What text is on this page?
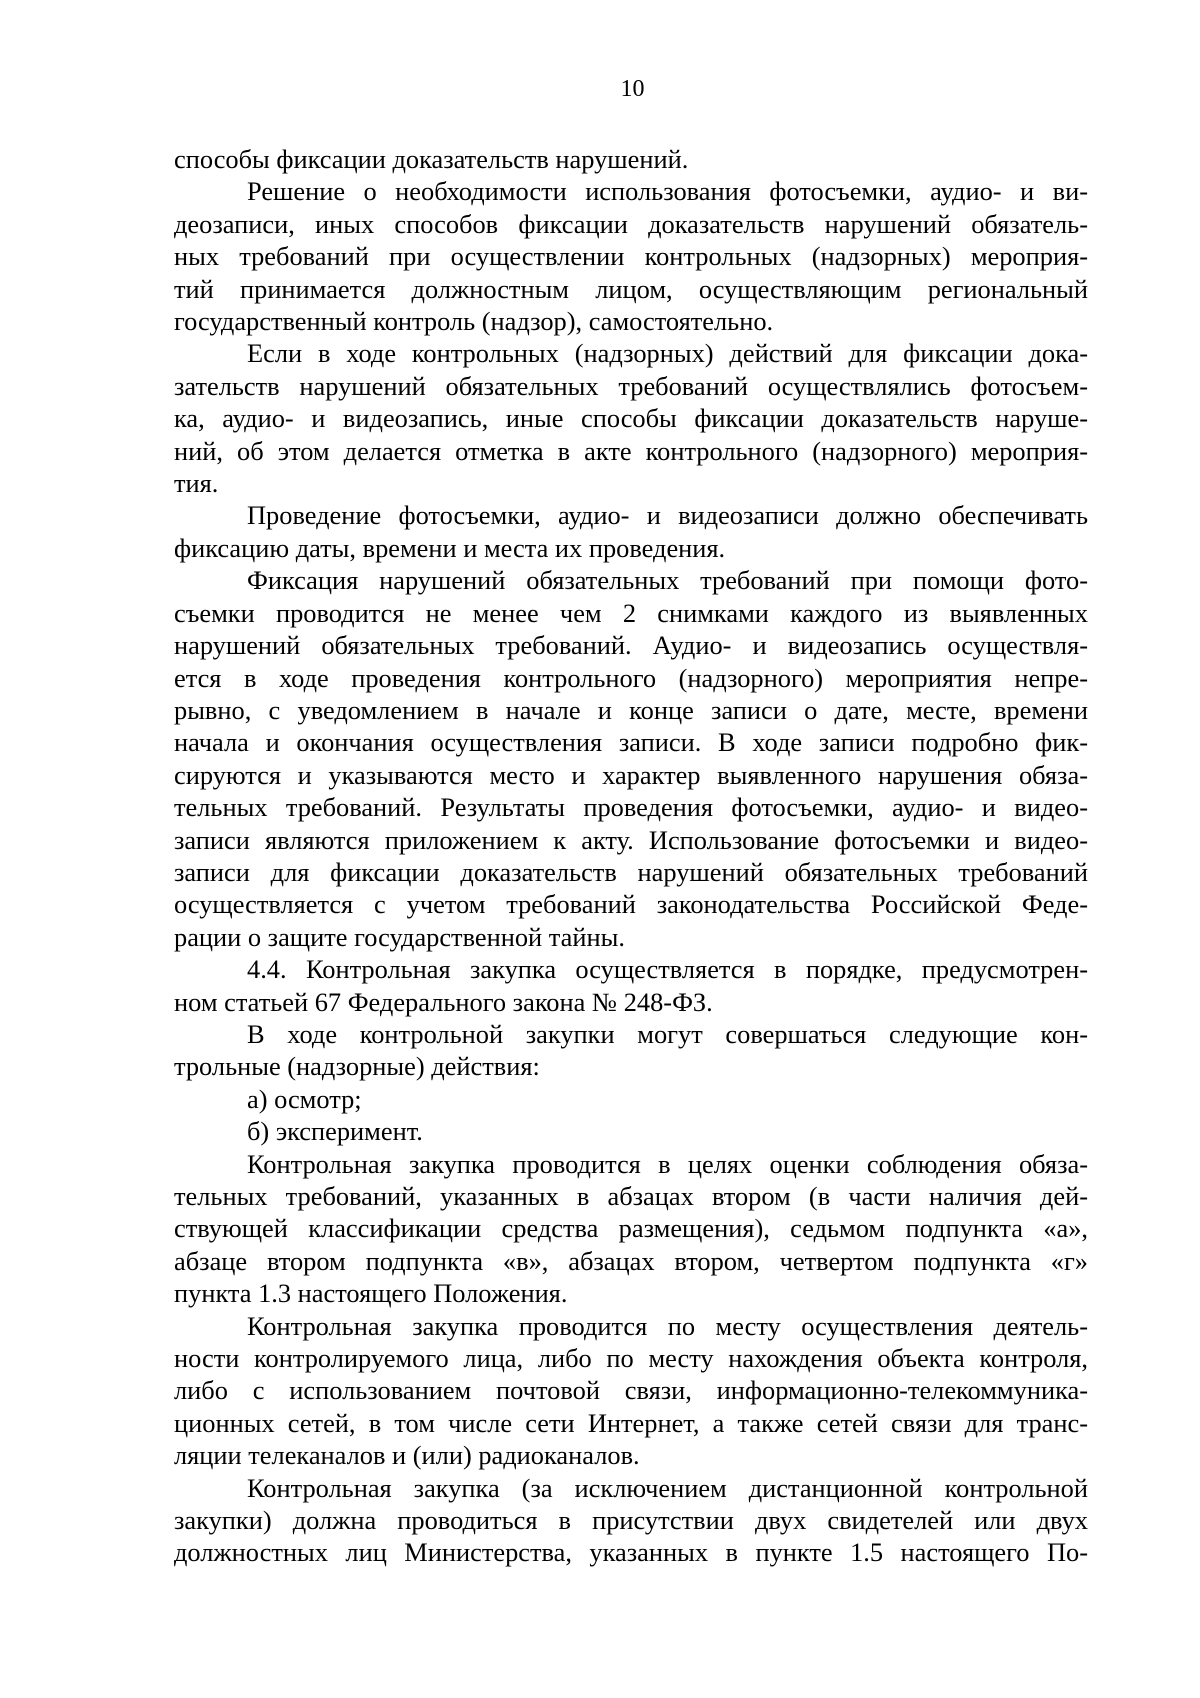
10
способы фиксации доказательств нарушений.
Решение о необходимости использования фотосъемки, аудио- и ви-
деозаписи, иных способов фиксации доказательств нарушений обязатель-
ных требований при осуществлении контрольных (надзорных) мероприя-
тий принимается должностным лицом, осуществляющим региональный
государственный контроль (надзор), самостоятельно.
Если в ходе контрольных (надзорных) действий для фиксации дока-
зательств нарушений обязательных требований осуществлялись фотосъем-
ка, аудио- и видеозапись, иные способы фиксации доказательств наруше-
ний, об этом делается отметка в акте контрольного (надзорного) мероприя-
тия.
Проведение фотосъемки, аудио- и видеозаписи должно обеспечивать
фиксацию даты, времени и места их проведения.
Фиксация нарушений обязательных требований при помощи фото-
съемки проводится не менее чем 2 снимками каждого из выявленных
нарушений обязательных требований. Аудио- и видеозапись осуществля-
ется в ходе проведения контрольного (надзорного) мероприятия непре-
рывно, с уведомлением в начале и конце записи о дате, месте, времени
начала и окончания осуществления записи. В ходе записи подробно фик-
сируются и указываются место и характер выявленного нарушения обяза-
тельных требований. Результаты проведения фотосъемки, аудио- и видео-
записи являются приложением к акту. Использование фотосъемки и видео-
записи для фиксации доказательств нарушений обязательных требований
осуществляется с учетом требований законодательства Российской Феде-
рации о защите государственной тайны.
4.4. Контрольная закупка осуществляется в порядке, предусмотрен-
ном статьей 67 Федерального закона № 248-ФЗ.
В ходе контрольной закупки могут совершаться следующие кон-
трольные (надзорные) действия:
а) осмотр;
б) эксперимент.
Контрольная закупка проводится в целях оценки соблюдения обяза-
тельных требований, указанных в абзацах втором (в части наличия дей-
ствующей классификации средства размещения), седьмом подпункта «а»,
абзаце втором подпункта «в», абзацах втором, четвертом подпункта «г»
пункта 1.3 настоящего Положения.
Контрольная закупка проводится по месту осуществления деятель-
ности контролируемого лица, либо по месту нахождения объекта контроля,
либо с использованием почтовой связи, информационно-телекоммуника-
ционных сетей, в том числе сети Интернет, а также сетей связи для транс-
ляции телеканалов и (или) радиоканалов.
Контрольная закупка (за исключением дистанционной контрольной
закупки) должна проводиться в присутствии двух свидетелей или двух
должностных лиц Министерства, указанных в пункте 1.5 настоящего По-
